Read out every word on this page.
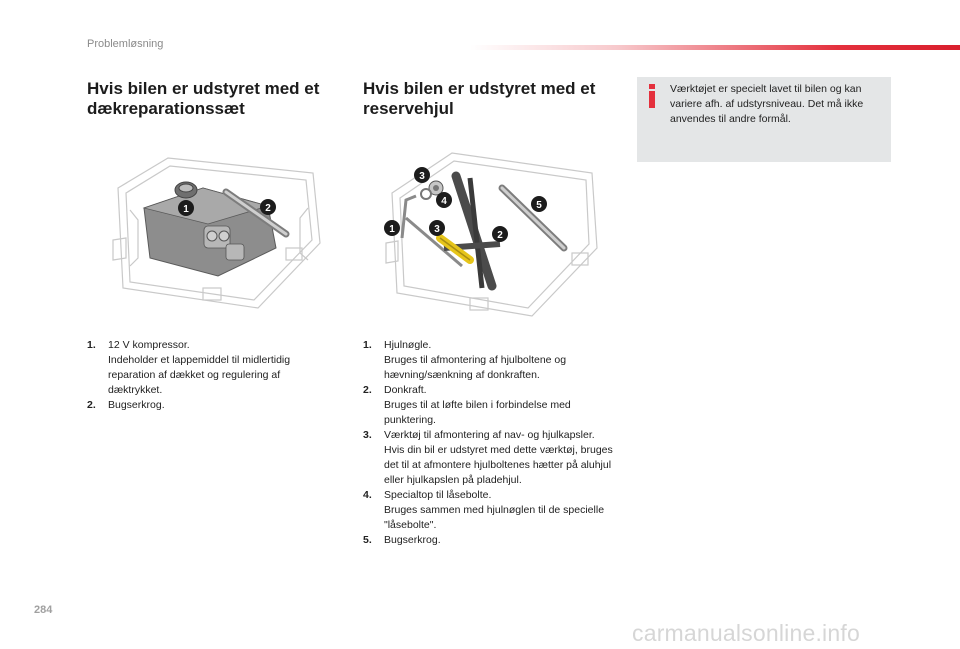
Problemløsning
Hvis bilen er udstyret med et dækreparationssæt
Hvis bilen er udstyret med et reservehjul
Værktøjet er specielt lavet til bilen og kan variere afh. af udstyrsniveau. Det må ikke anvendes til andre formål.
1	2
3
4
1	3
2
5
1. 12 V kompressor.
Indeholder et lappemiddel til midlertidig reparation af dækket og regulering af dæktrykket.
2. Bugserkrog.
1. Hjulnøgle.
Bruges til afmontering af hjulboltene og hævning/sænkning af donkraften.
2. Donkraft.
Bruges til at løfte bilen i forbindelse med punktering.
3. Værktøj til afmontering af nav- og hjulkapsler.
Hvis din bil er udstyret med dette værktøj, bruges det til at afmontere hjulboltenes hætter på aluhjul eller hjulkapslen på pladehjul.
4. Specialtop til låsebolte.
Bruges sammen med hjulnøglen til de specielle "låsebolte".
5. Bugserkrog.
284
carmanualsonline.info
